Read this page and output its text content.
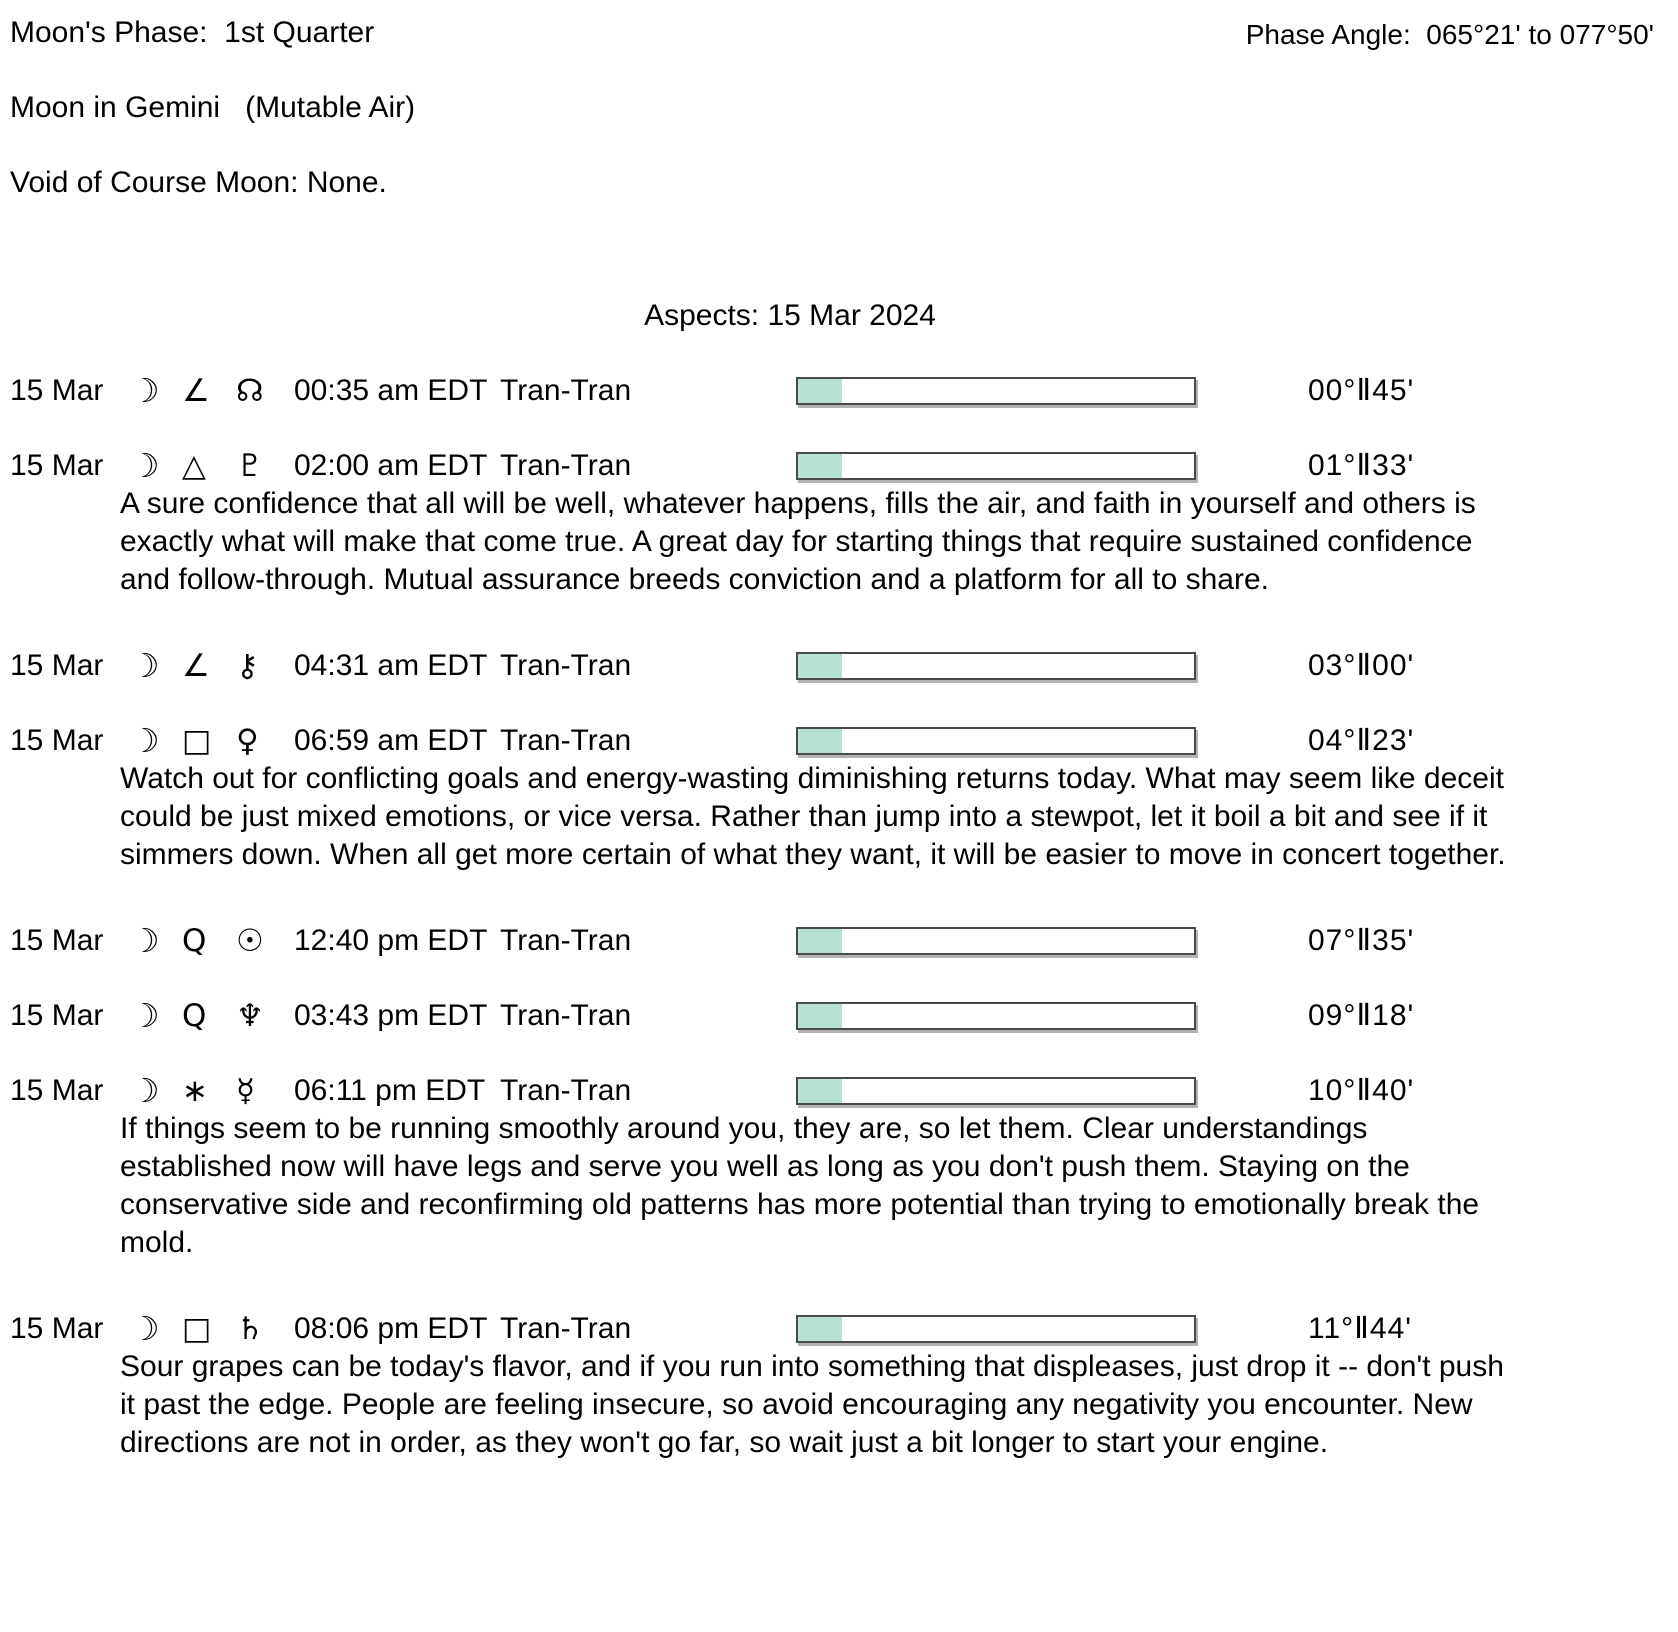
Moon's Phase:  1st Quarter	Phase Angle:  065°21' to 077°50'
Moon in Gemini   (Mutable Air)
Void of Course Moon: None.
Aspects: 15 Mar 2024
15 Mar ☽ ∠ ☊	00:35 am EDT Tran-Tran	00°Ⅱ45'
15 Mar ☽ △ ♇	02:00 am EDT Tran-Tran	01°Ⅱ33'

A sure confidence that all will be well, whatever happens, fills the air, and faith in yourself and others is exactly what will make that come true. A great day for starting things that require sustained confidence and follow-through. Mutual assurance breeds conviction and a platform for all to share.

15 Mar ☽ ∠ ⚷	04:31 am EDT Tran-Tran	03°Ⅱ00'
15 Mar ☽ □ ♀	06:59 am EDT Tran-Tran	04°Ⅱ23'

Watch out for conflicting goals and energy-wasting diminishing returns today. What may seem like deceit could be just mixed emotions, or vice versa. Rather than jump into a stewpot, let it boil a bit and see if it simmers down. When all get more certain of what they want, it will be easier to move in concert together.

15 Mar ☽ Q ☉	12:40 pm EDT Tran-Tran	07°Ⅱ35'
15 Mar ☽ Q ♆	03:43 pm EDT Tran-Tran	09°Ⅱ18'
15 Mar ☽ ∗ ☿	06:11 pm EDT Tran-Tran	10°Ⅱ40'

If things seem to be running smoothly around you, they are, so let them. Clear understandings established now will have legs and serve you well as long as you don't push them. Staying on the conservative side and reconfirming old patterns has more potential than trying to emotionally break the mold.

15 Mar ☽ □ ♄	08:06 pm EDT Tran-Tran	11°Ⅱ44'

Sour grapes can be today's flavor, and if you run into something that displeases, just drop it -- don't push it past the edge. People are feeling insecure, so avoid encouraging any negativity you encounter. New directions are not in order, as they won't go far, so wait just a bit longer to start your engine.
